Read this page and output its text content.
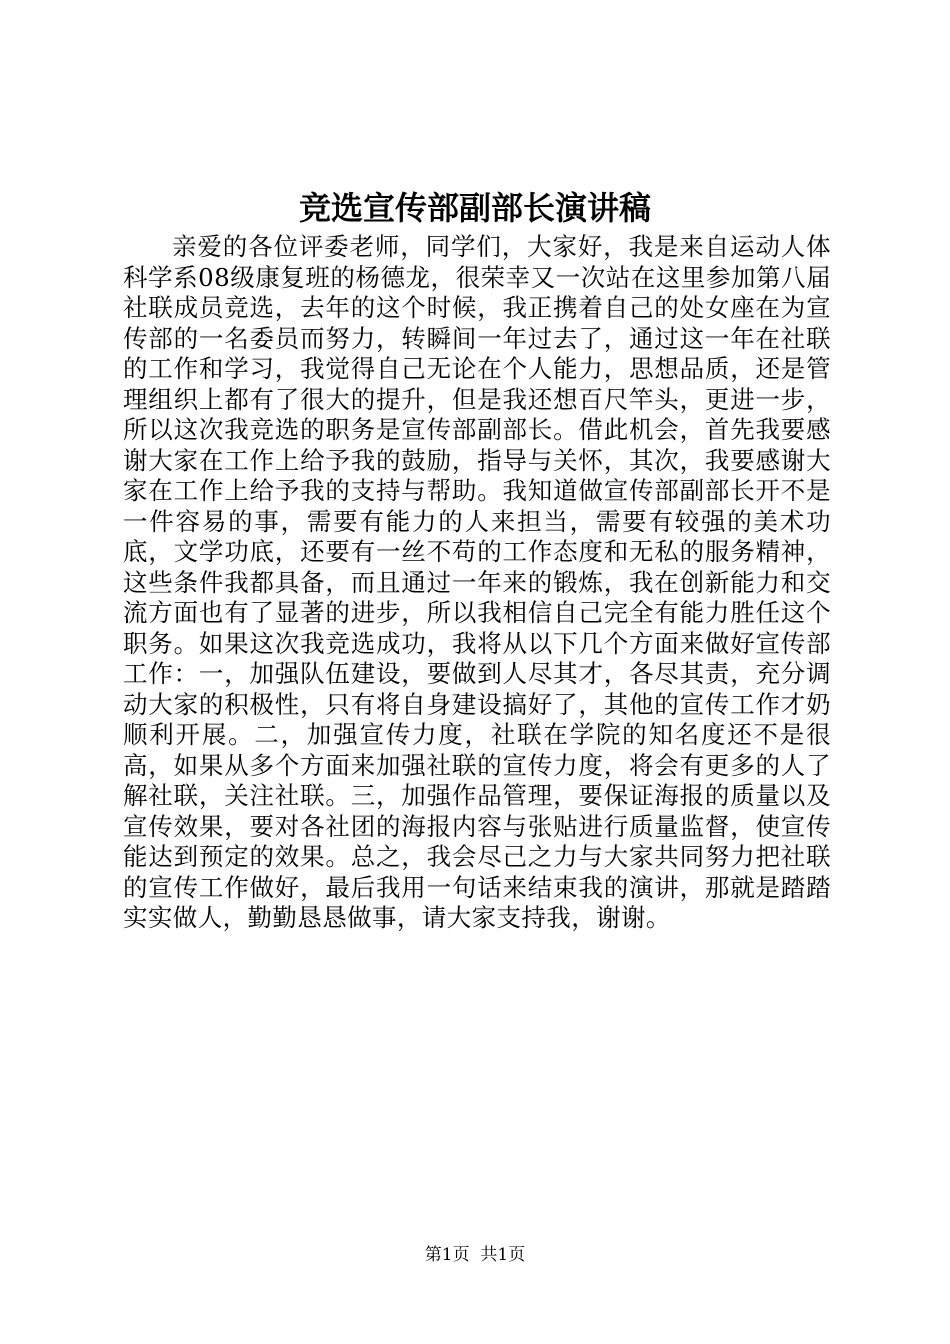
竞选宣传部副部长演讲稿

亲爱的各位评委老师，同学们，大家好，我是来自运动人体科学系08级康复班的杨德龙，很荣幸又一次站在这里参加第八届社联成员竞选，去年的这个时候，我正携着自己的处女座在为宣传部的一名委员而努力，转瞬间一年过去了，通过这一年在社联的工作和学习，我觉得自己无论在个人能力，思想品质，还是管理组织上都有了很大的提升，但是我还想百尺竿头，更进一步，所以这次我竞选的职务是宣传部副部长。借此机会，首先我要感谢大家在工作上给予我的鼓励，指导与关怀，其次，我要感谢大家在工作上给予我的支持与帮助。我知道做宣传部副部长开不是一件容易的事，需要有能力的人来担当，需要有较强的美术功底，文学功底，还要有一丝不苟的工作态度和无私的服务精神，这些条件我都具备，而且通过一年来的锻炼，我在创新能力和交流方面也有了显著的进步，所以我相信自己完全有能力胜任这个职务。如果这次我竞选成功，我将从以下几个方面来做好宣传部工作：一，加强队伍建设，要做到人尽其才，各尽其责，充分调动大家的积极性，只有将自身建设搞好了，其他的宣传工作才奶顺利开展。二，加强宣传力度，社联在学院的知名度还不是很高，如果从多个方面来加强社联的宣传力度，将会有更多的人了解社联，关注社联。三，加强作品管理，要保证海报的质量以及宣传效果，要对各社团的海报内容与张贴进行质量监督，使宣传能达到预定的效果。总之，我会尽己之力与大家共同努力把社联的宣传工作做好，最后我用一句话来结束我的演讲，那就是踏踏实实做人，勤勤恳恳做事，请大家支持我，谢谢。

第1页 共1页
